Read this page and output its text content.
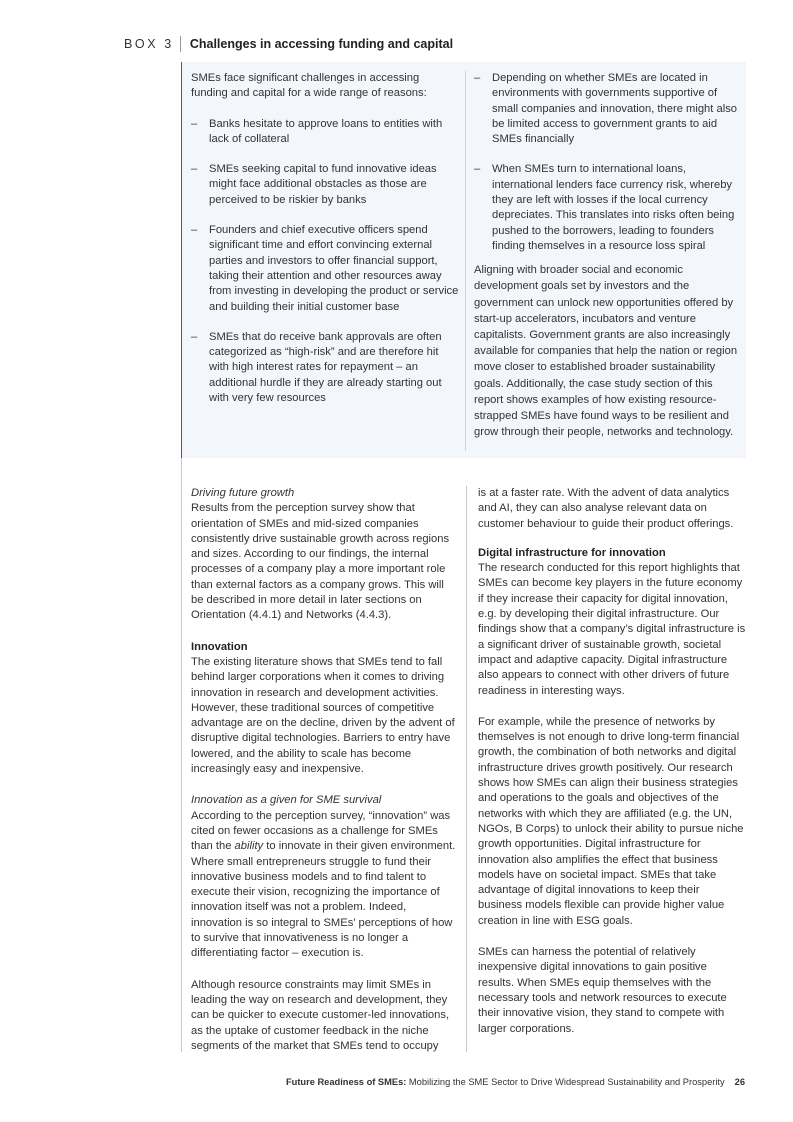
BOX 3 Challenges in accessing funding and capital

SMEs face significant challenges in accessing funding and capital for a wide range of reasons:

–	Banks hesitate to approve loans to entities with lack of collateral
–	SMEs seeking capital to fund innovative ideas might face additional obstacles as those are perceived to be riskier by banks
–	Founders and chief executive officers spend significant time and effort convincing external parties and investors to offer financial support, taking their attention and other resources away from investing in developing the product or service and building their initial customer base
–	SMEs that do receive bank approvals are often categorized as “high-risk” and are therefore hit with high interest rates for repayment – an additional hurdle if they are already starting out with very few resources
–	Depending on whether SMEs are located in environments with governments supportive of small companies and innovation, there might also be limited access to government grants to aid SMEs financially
–	When SMEs turn to international loans, international lenders face currency risk, whereby they are left with losses if the local currency depreciates. This translates into risks often being pushed to the borrowers, leading to founders finding themselves in a resource loss spiral

Aligning with broader social and economic development goals set by investors and the government can unlock new opportunities offered by start-up accelerators, incubators and venture capitalists. Government grants are also increasingly available for companies that help the nation or region move closer to established broader sustainability goals. Additionally, the case study section of this report shows examples of how existing resource-strapped SMEs have found ways to be resilient and grow through their people, networks and technology.

Driving future growth

Results from the perception survey show that orientation of SMEs and mid-sized companies consistently drive sustainable growth across regions and sizes. According to our findings, the internal processes of a company play a more important role than external factors as a company grows. This will be described in more detail in later sections on Orientation (4.4.1) and Networks (4.4.3).

Innovation

The existing literature shows that SMEs tend to fall behind larger corporations when it comes to driving innovation in research and development activities. However, these traditional sources of competitive advantage are on the decline, driven by the advent of disruptive digital technologies. Barriers to entry have lowered, and the ability to scale has become increasingly easy and inexpensive.

Innovation as a given for SME survival

According to the perception survey, “innovation” was cited on fewer occasions as a challenge for SMEs than the ability to innovate in their given environment. Where small entrepreneurs struggle to fund their innovative business models and to find talent to execute their vision, recognizing the importance of innovation itself was not a problem. Indeed, innovation is so integral to SMEs’ perceptions of how to survive that innovativeness is no longer a differentiating factor – execution is.

Although resource constraints may limit SMEs in leading the way on research and development, they can be quicker to execute customer-led innovations, as the uptake of customer feedback in the niche segments of the market that SMEs tend to occupy

is at a faster rate. With the advent of data analytics and AI, they can also analyse relevant data on customer behaviour to guide their product offerings.

Digital infrastructure for innovation

The research conducted for this report highlights that SMEs can become key players in the future economy if they increase their capacity for digital innovation, e.g. by developing their digital infrastructure. Our findings show that a company’s digital infrastructure is a significant driver of sustainable growth, societal impact and adaptive capacity. Digital infrastructure also appears to connect with other drivers of future readiness in interesting ways.

For example, while the presence of networks by themselves is not enough to drive long-term financial growth, the combination of both networks and digital infrastructure drives growth positively. Our research shows how SMEs can align their business strategies and operations to the goals and objectives of the networks with which they are affiliated (e.g. the UN, NGOs, B Corps) to unlock their ability to pursue niche growth opportunities. Digital infrastructure for innovation also amplifies the effect that business models have on societal impact. SMEs that take advantage of digital innovations to keep their business models flexible can provide higher value creation in line with ESG goals.

SMEs can harness the potential of relatively inexpensive digital innovations to gain positive results. When SMEs equip themselves with the necessary tools and network resources to execute their innovative vision, they stand to compete with larger corporations.

Future Readiness of SMEs: Mobilizing the SME Sector to Drive Widespread Sustainability and Prosperity 26
